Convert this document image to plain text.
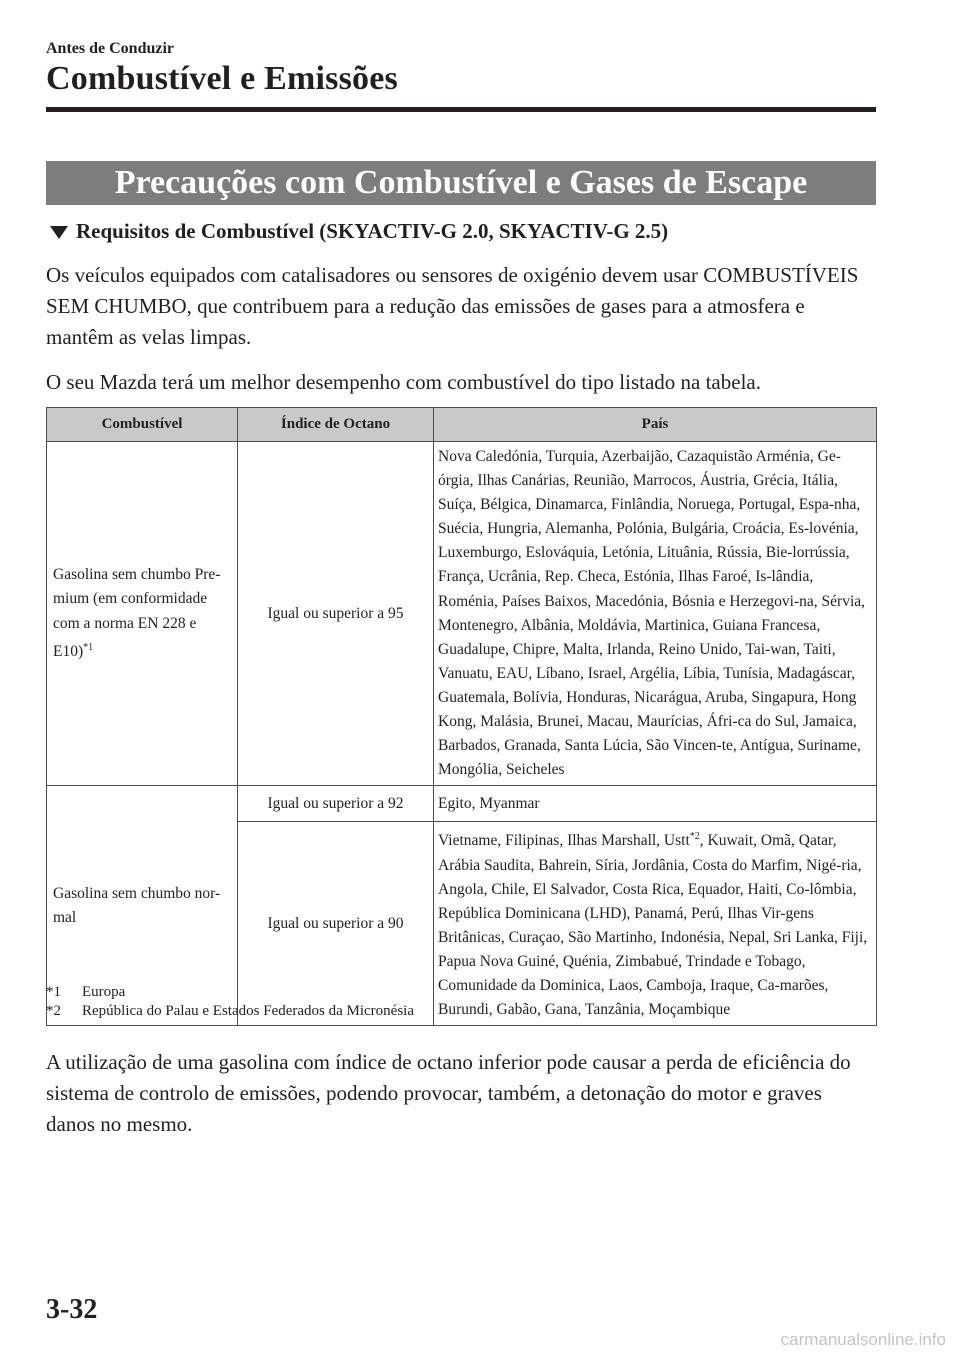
Antes de Conduzir
Combustível e Emissões
Precauções com Combustível e Gases de Escape
Requisitos de Combustível (SKYACTIV-G 2.0, SKYACTIV-G 2.5)

Os veículos equipados com catalisadores ou sensores de oxigénio devem usar COMBUSTÍVEIS SEM CHUMBO, que contribuem para a redução das emissões de gases para a atmosfera e mantêm as velas limpas.

O seu Mazda terá um melhor desempenho com combustível do tipo listado na tabela.

Combustível	Índice de Octano	País
Gasolina sem chumbo Pre-mium (em conformidade com a norma EN 228 e E10)$^{*1}$	Igual ou superior a 95	Nova Caledónia, Turquia, Azerbaijão, Cazaquistão Arménia, Ge-órgia, Ilhas Canárias, Reunião, Marrocos, Áustria, Grécia, Itália, Suíça, Bélgica, Dinamarca, Finlândia, Noruega, Portugal, Espa-nha, Suécia, Hungria, Alemanha, Polónia, Bulgária, Croácia, Es-lovénia, Luxemburgo, Eslováquia, Letónia, Lituânia, Rússia, Bie-lorrússia, França, Ucrânia, Rep. Checa, Estónia, Ilhas Faroé, Is-lândia, Roménia, Países Baixos, Macedónia, Bósnia e Herzegovi-na, Sérvia, Montenegro, Albânia, Moldávia, Martinica, Guiana Francesa, Guadalupe, Chipre, Malta, Irlanda, Reino Unido, Tai-wan, Taiti, Vanuatu, EAU, Líbano, Israel, Argélia, Líbia, Tunísia, Madagáscar, Guatemala, Bolívia, Honduras, Nicarágua, Aruba, Singapura, Hong Kong, Malásia, Brunei, Macau, Maurícias, Áfri-ca do Sul, Jamaica, Barbados, Granada, Santa Lúcia, São Vincen-te, Antígua, Suriname, Mongólia, Seicheles
Gasolina sem chumbo nor-mal	Igual ou superior a 92	Egito, Myanmar
	Igual ou superior a 90	Vietname, Filipinas, Ilhas Marshall, Ustt$^{*2}$, Kuwait, Omã, Qatar, Arábia Saudita, Bahrein, Síria, Jordânia, Costa do Marfim, Nigé-ria, Angola, Chile, El Salvador, Costa Rica, Equador, Haiti, Co-lômbia, República Dominicana (LHD), Panamá, Perú, Ilhas Vir-gens Britânicas, Curaçao, São Martinho, Indonésia, Nepal, Sri Lanka, Fiji, Papua Nova Guiné, Quénia, Zimbabué, Trindade e Tobago, Comunidade da Dominica, Laos, Camboja, Iraque, Ca-marões, Burundi, Gabão, Gana, Tanzânia, Moçambique
*1	Europa
*2	República do Palau e Estados Federados da Micronésia

A utilização de uma gasolina com índice de octano inferior pode causar a perda de eficiência do sistema de controlo de emissões, podendo provocar, também, a detonação do motor e graves danos no mesmo.

3-32
carmanualsonline.info
